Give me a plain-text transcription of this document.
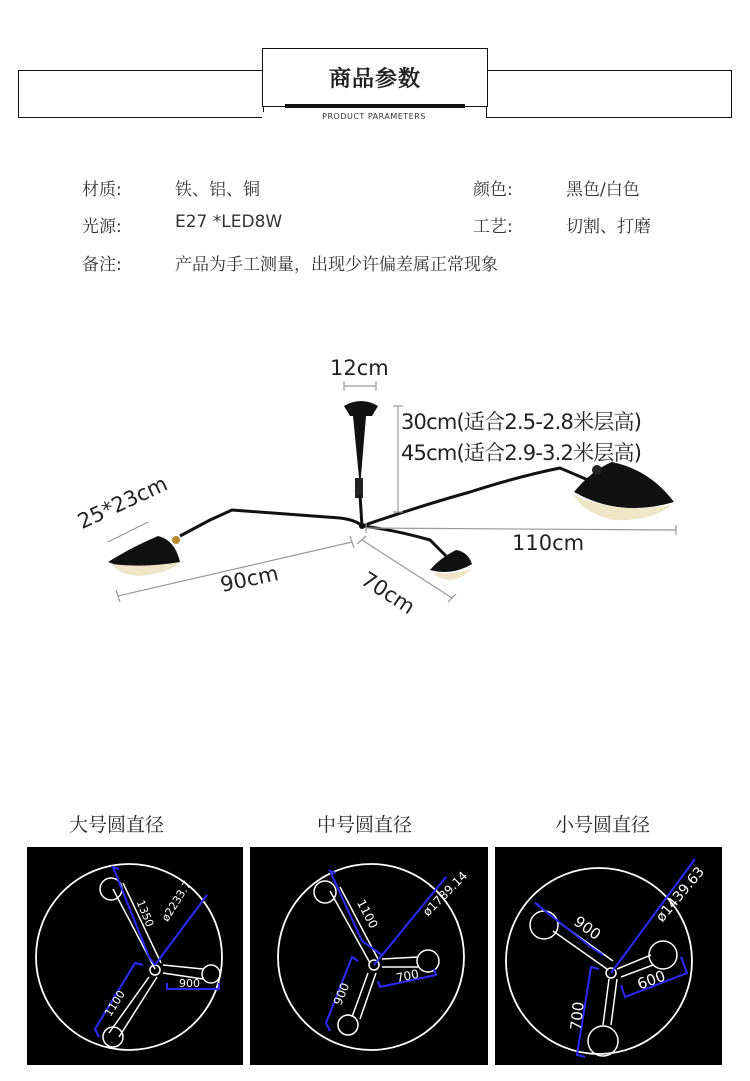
商品参数
PRODUCT PARAMETERS
材质:	铁、铝、铜	颜色:	黑色/白色
光源:	E27 *LED8W	工艺:	切割、打磨
备注:	产品为手工测量，出现少许偏差属正常现象
12cm
30cm(适合2.5-2.8米层高)
45cm(适合2.9-3.2米层高)
25*23cm
90cm	70cm
110cm
大号圆直径	中号圆直径	小号圆直径
1350 ø2233.7
1100
900
1100	ø1789.14
900
700
900
ø1439.63
700
600
